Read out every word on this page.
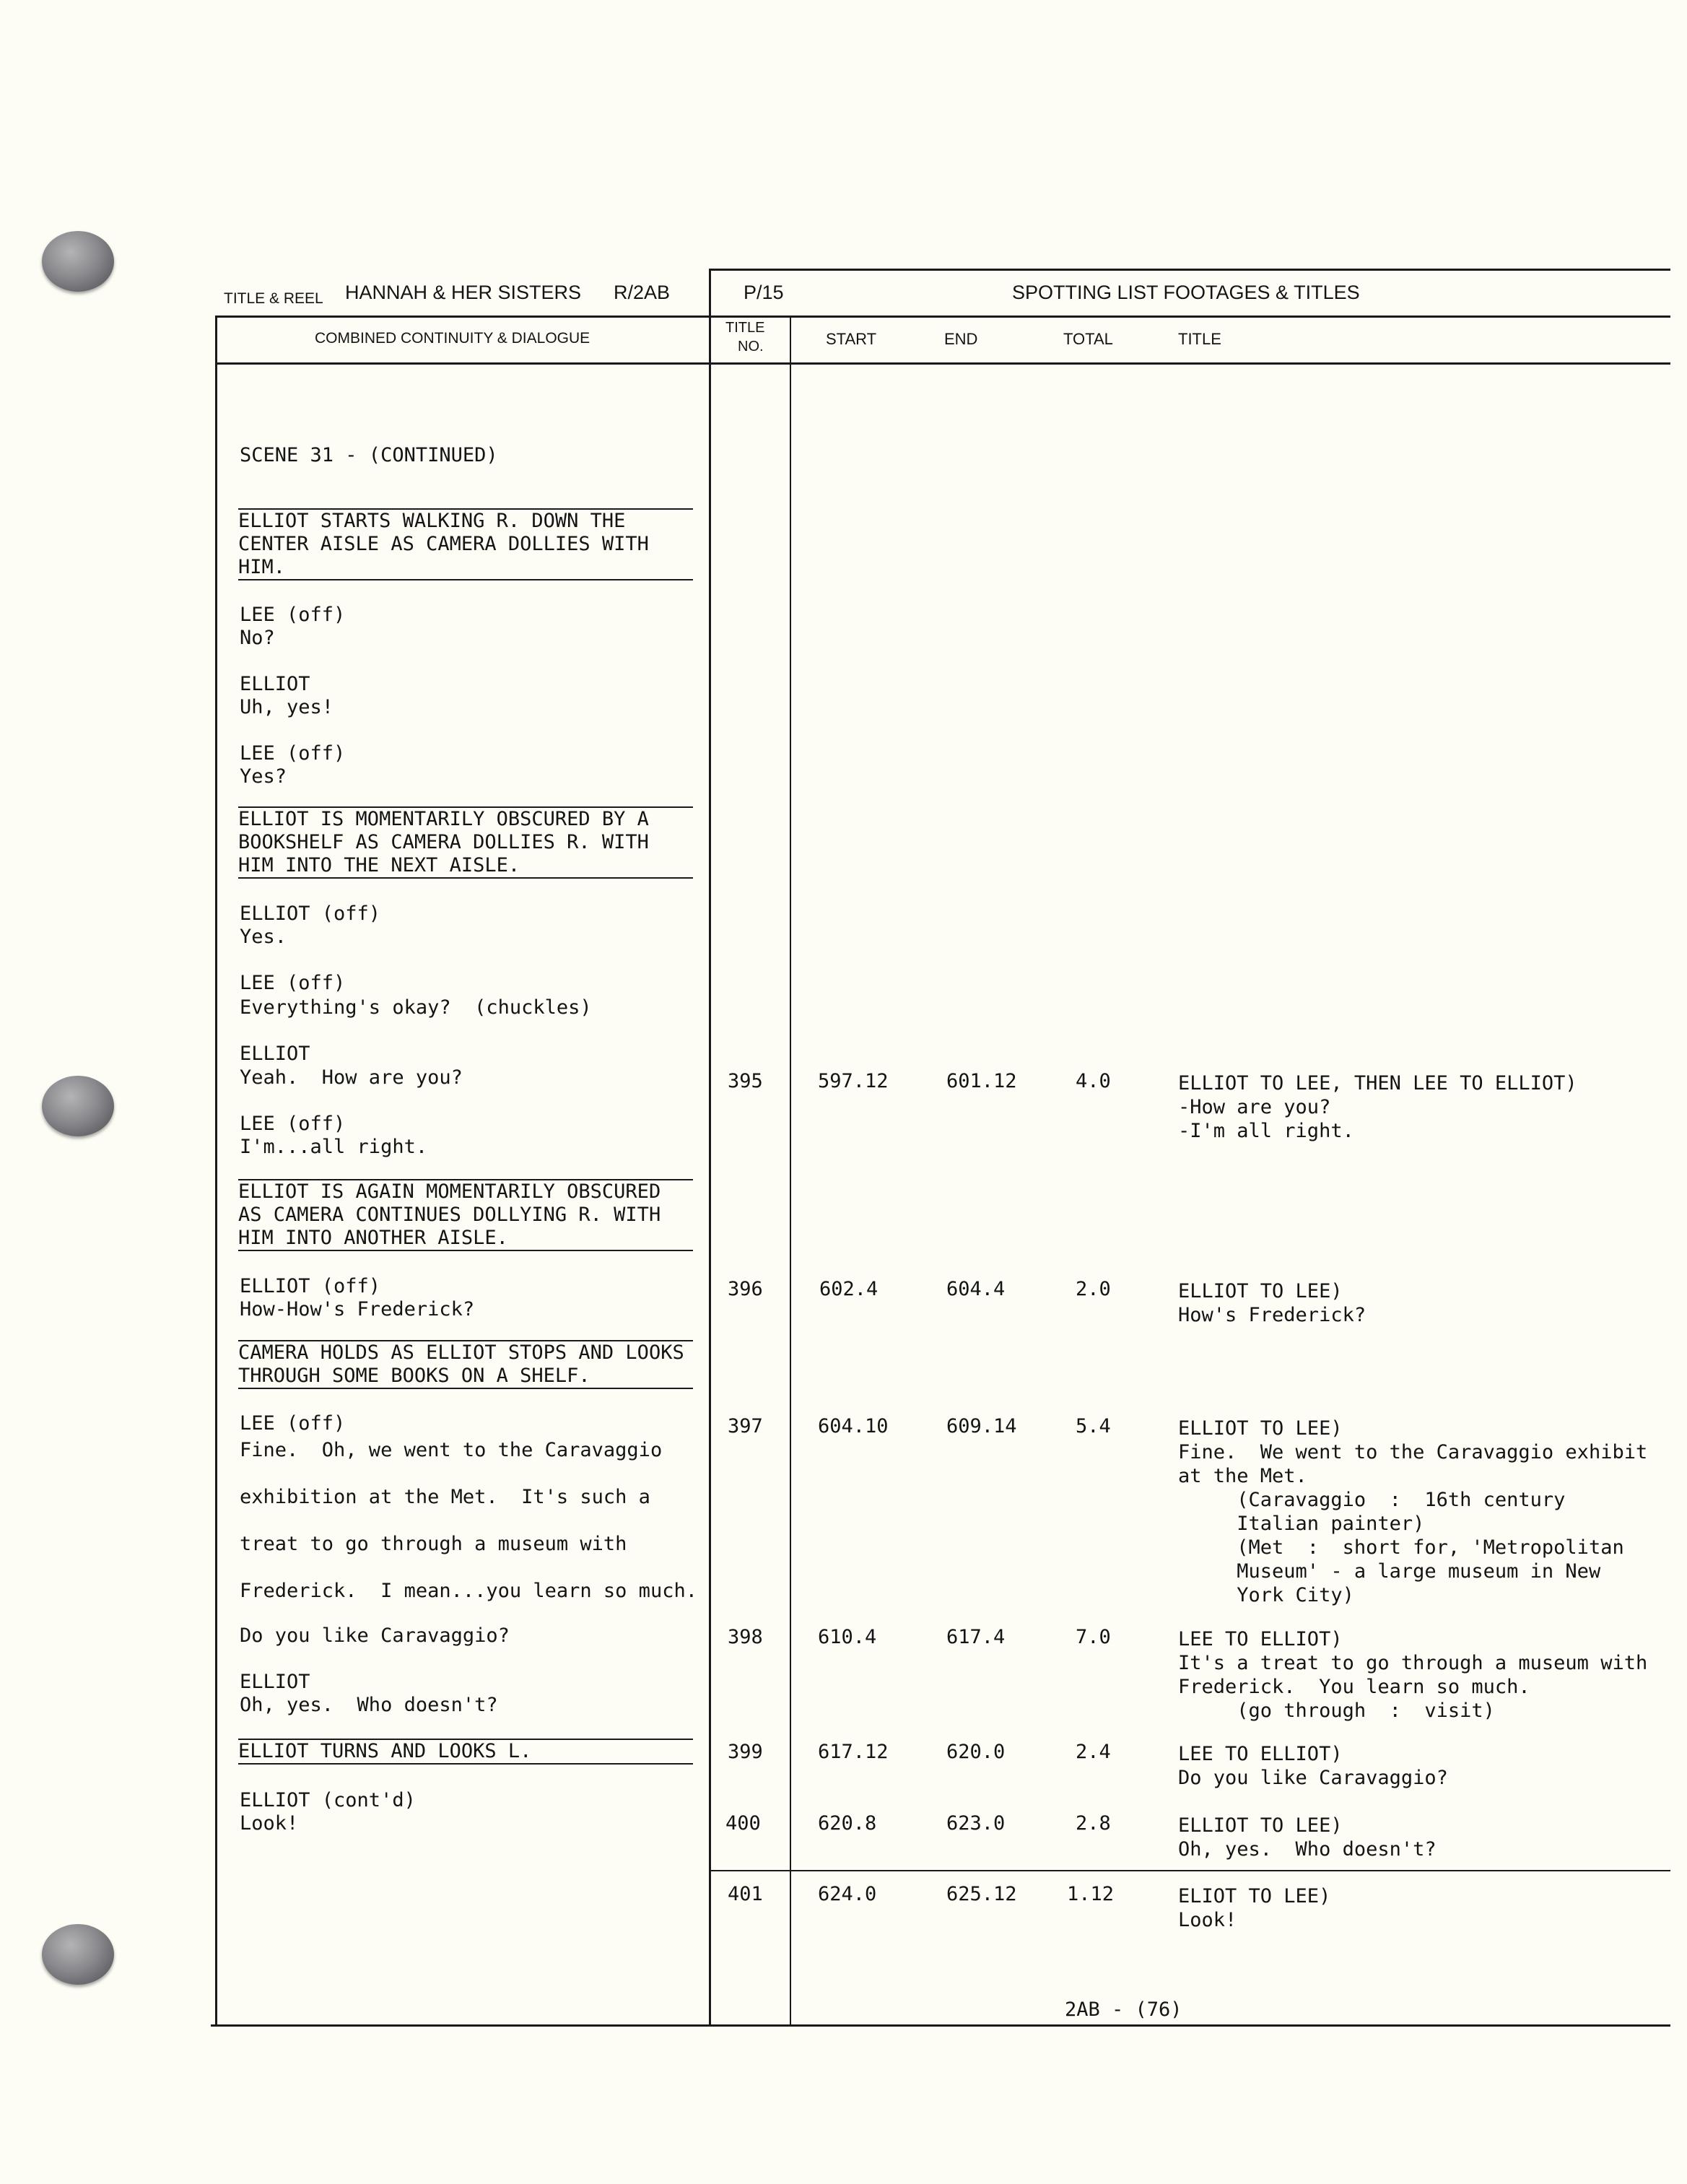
TITLE & REEL HANNAH & HER SISTERS R/2AB	P/15	SPOTTING LIST FOOTAGES & TITLES
COMBINED CONTINUITY & DIALOGUE
TITLE
NO.	START	END	TOTAL	TITLE
SCENE 31 - (CONTINUED)
ELLIOT STARTS WALKING R. DOWN THE
CENTER AISLE AS CAMERA DOLLIES WITH
HIM.
LEE (off)
No?
ELLIOT
Uh, yes!
LEE (off)
Yes?
ELLIOT IS MOMENTARILY OBSCURED BY A
BOOKSHELF AS CAMERA DOLLIES R. WITH
HIM INTO THE NEXT AISLE.
ELLIOT (off)
Yes.
LEE (off)
Everything's okay?  (chuckles)
ELLIOT
Yeah.  How are you?
LEE (off)
I'm...all right.
ELLIOT IS AGAIN MOMENTARILY OBSCURED
AS CAMERA CONTINUES DOLLYING R. WITH
HIM INTO ANOTHER AISLE.
ELLIOT (off)
How-How's Frederick?
CAMERA HOLDS AS ELLIOT STOPS AND LOOKS
THROUGH SOME BOOKS ON A SHELF.
LEE (off)
Fine.  Oh, we went to the Caravaggio
exhibition at the Met.  It's such a
treat to go through a museum with
Frederick.  I mean...you learn so much.
Do you like Caravaggio?
ELLIOT
Oh, yes.  Who doesn't?
ELLIOT TURNS AND LOOKS L.
ELLIOT (cont'd)
Look!
395	597.12	601.12	4.0	ELLIOT TO LEE, THEN LEE TO ELLIOT)
-How are you?
-I'm all right.
396	602.4	604.4	2.0	ELLIOT TO LEE)
How's Frederick?
397	604.10	609.14	5.4	ELLIOT TO LEE)
Fine.  We went to the Caravaggio exhibit
at the Met.
(Caravaggio  :  16th century
Italian painter)
(Met  :  short for, 'Metropolitan
Museum' - a large museum in New
York City)
398	610.4	617.4	7.0	LEE TO ELLIOT)
It's a treat to go through a museum with
Frederick.  You learn so much.
(go through  :  visit)
399	617.12	620.0	2.4	LEE TO ELLIOT)
Do you like Caravaggio?
400	620.8	623.0	2.8	ELLIOT TO LEE)
Oh, yes.  Who doesn't?
401	624.0	625.12	1.12	ELIOT TO LEE)
Look!
2AB - (76)
